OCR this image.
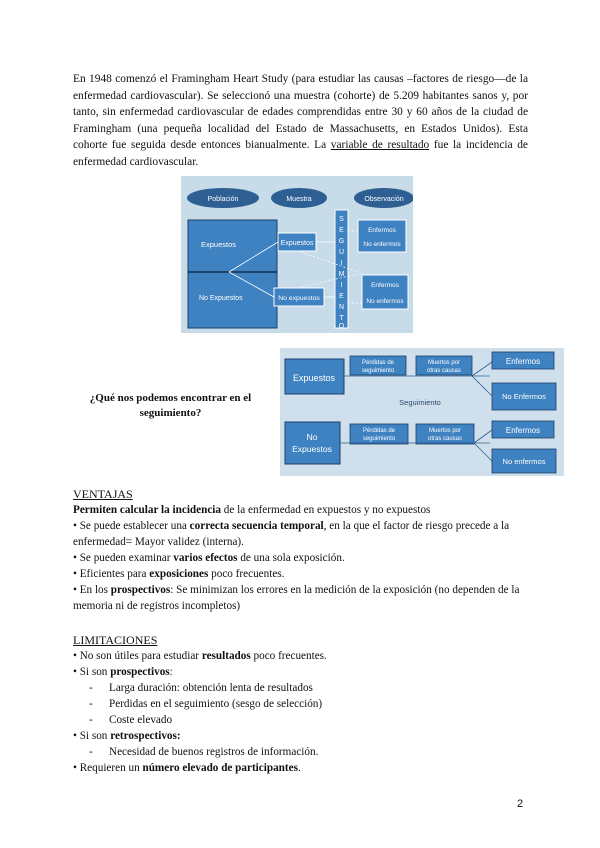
En 1948 comenzó el Framingham Heart Study (para estudiar las causas –factores de riesgo—de la enfermedad cardiovascular). Se seleccionó una muestra (cohorte) de 5.209 habitantes sanos y, por tanto, sin enfermedad cardiovascular de edades comprendidas entre 30 y 60 años de la ciudad de Framingham (una pequeña localidad del Estado de Massachusetts, en Estados Unidos). Esta cohorte fue seguida desde entonces bianualmente. La variable de resultado fue la incidencia de enfermedad cardiovascular.
Población	Muestra	Observación
Expuestos
No Expuestos
Expuestos
No expuestos
S E G U I M I E N T O
Enfermos
No enfermos
Enfermos
No enfermos
¿Qué nos podemos encontrar en el seguimiento?
Expuestos
No
Expuestos
Pérdidas de
seguimiento
Muertos por
otras causas
Pérdidas de
seguimiento
Muertos por
otras causas
Seguimiento
Enfermos
No Enfermos
Enfermos
No enfermos

VENTAJAS

Permiten calcular la incidencia de la enfermedad en expuestos y no expuestos

• Se puede establecer una correcta secuencia temporal, en la que el factor de riesgo precede a la enfermedad= Mayor validez (interna).

• Se pueden examinar varios efectos de una sola exposición.

• Eficientes para exposiciones poco frecuentes.

• En los prospectivos: Se minimizan los errores en la medición de la exposición (no dependen de la memoria ni de registros incompletos)

LIMITACIONES

• No son útiles para estudiar resultados poco frecuentes.

• Si son prospectivos:

- Larga duración: obtención lenta de resultados

- Perdidas en el seguimiento (sesgo de selección)

- Coste elevado

• Si son retrospectivos:

- Necesidad de buenos registros de información.

• Requieren un número elevado de participantes.

2
